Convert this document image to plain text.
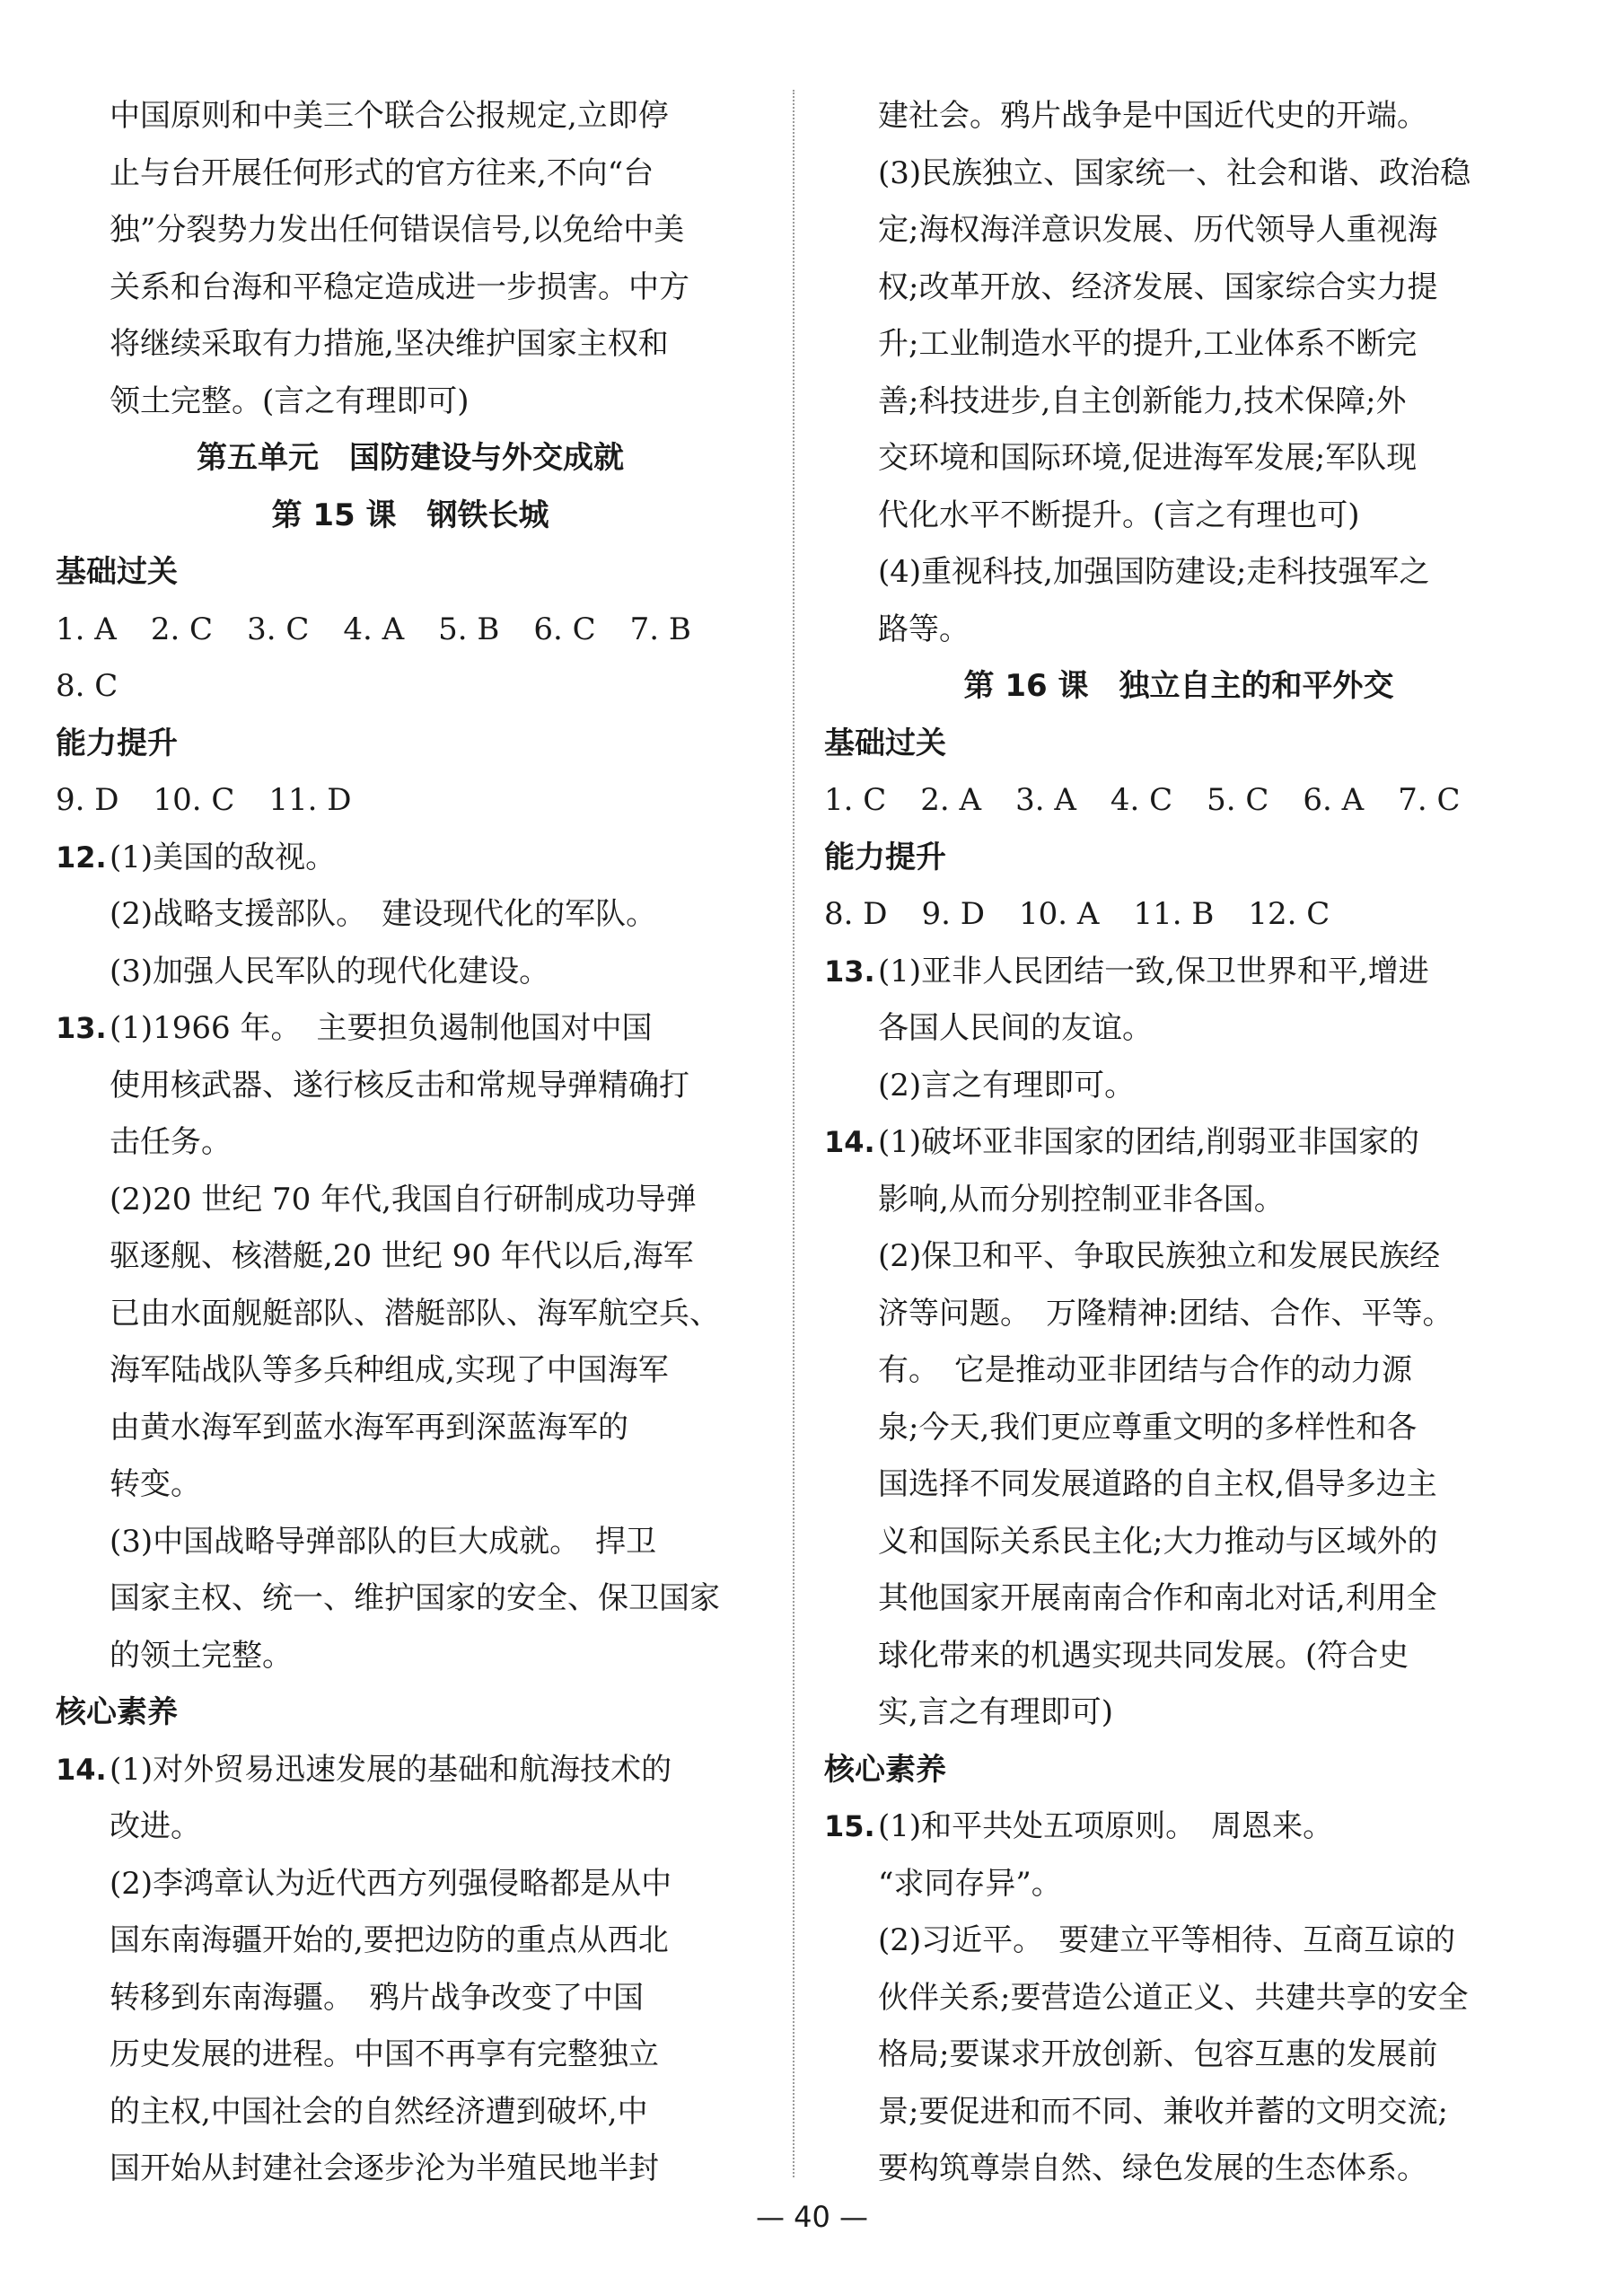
中国原则和中美三个联合公报规定,立即停
止与台开展任何形式的官方往来,不向“台
独”分裂势力发出任何错误信号,以免给中美
关系和台海和平稳定造成进一步损害。中方
将继续采取有力措施,坚决维护国家主权和
领土完整。(言之有理即可)
第五单元　国防建设与外交成就
第 15 课　钢铁长城
基础过关
1. A 2. C 3. C 4. A 5. B 6. C 7. B
8. C
能力提升
9. D 10. C 11. D
12.(1)美国的敌视。
(2)战略支援部队。　建设现代化的军队。
(3)加强人民军队的现代化建设。
13.(1)1966 年。　主要担负遏制他国对中国
使用核武器、遂行核反击和常规导弹精确打
击任务。
(2)20 世纪 70 年代,我国自行研制成功导弹
驱逐舰、核潜艇,20 世纪 90 年代以后,海军
已由水面舰艇部队、潜艇部队、海军航空兵、
海军陆战队等多兵种组成,实现了中国海军
由黄水海军到蓝水海军再到深蓝海军的
转变。
(3)中国战略导弹部队的巨大成就。　捍卫
国家主权、统一、维护国家的安全、保卫国家
的领土完整。
核心素养
14.(1)对外贸易迅速发展的基础和航海技术的
改进。
(2)李鸿章认为近代西方列强侵略都是从中
国东南海疆开始的,要把边防的重点从西北
转移到东南海疆。　鸦片战争改变了中国
历史发展的进程。中国不再享有完整独立
的主权,中国社会的自然经济遭到破坏,中
国开始从封建社会逐步沦为半殖民地半封
建社会。鸦片战争是中国近代史的开端。
(3)民族独立、国家统一、社会和谐、政治稳
定;海权海洋意识发展、历代领导人重视海
权;改革开放、经济发展、国家综合实力提
升;工业制造水平的提升,工业体系不断完
善;科技进步,自主创新能力,技术保障;外
交环境和国际环境,促进海军发展;军队现
代化水平不断提升。(言之有理也可)
(4)重视科技,加强国防建设;走科技强军之
路等。
第 16 课　独立自主的和平外交
基础过关
1. C 2. A 3. A 4. C 5. C 6. A 7. C
能力提升
8. D 9. D 10. A 11. B 12. C
13.(1)亚非人民团结一致,保卫世界和平,增进
各国人民间的友谊。
(2)言之有理即可。
14.(1)破坏亚非国家的团结,削弱亚非国家的
影响,从而分别控制亚非各国。
(2)保卫和平、争取民族独立和发展民族经
济等问题。　万隆精神:团结、合作、平等。
有。　它是推动亚非团结与合作的动力源
泉;今天,我们更应尊重文明的多样性和各
国选择不同发展道路的自主权,倡导多边主
义和国际关系民主化;大力推动与区域外的
其他国家开展南南合作和南北对话,利用全
球化带来的机遇实现共同发展。(符合史
实,言之有理即可)
核心素养
15.(1)和平共处五项原则。　周恩来。
“求同存异”。
(2)习近平。　要建立平等相待、互商互谅的
伙伴关系;要营造公道正义、共建共享的安全
格局;要谋求开放创新、包容互惠的发展前
景;要促进和而不同、兼收并蓄的文明交流;
要构筑尊崇自然、绿色发展的生态体系。
— 40 —
